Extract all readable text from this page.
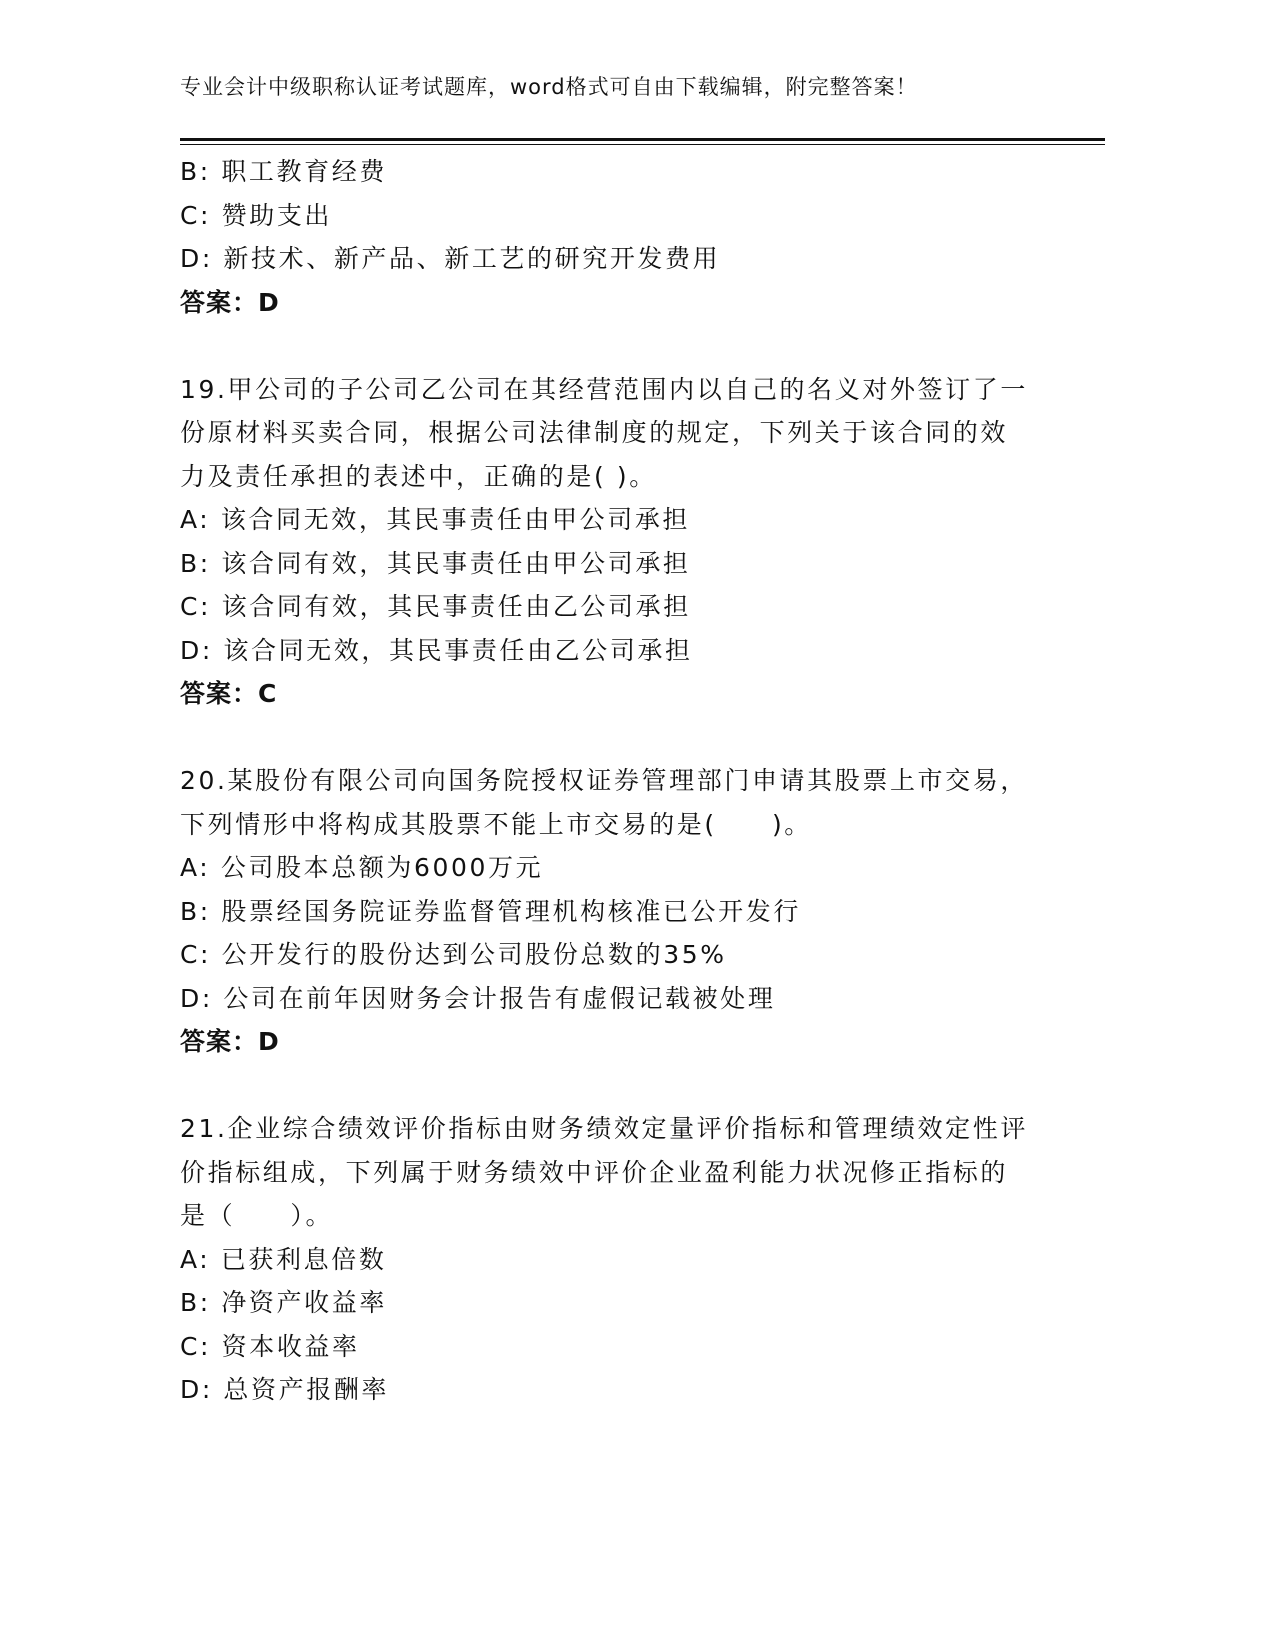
专业会计中级职称认证考试题库，word格式可自由下载编辑，附完整答案！
B: 职工教育经费
C: 赞助支出
D: 新技术、新产品、新工艺的研究开发费用
答案：D
19.甲公司的子公司乙公司在其经营范围内以自己的名义对外签订了一
份原材料买卖合同，根据公司法律制度的规定，下列关于该合同的效
力及责任承担的表述中，正确的是( )。
A: 该合同无效，其民事责任由甲公司承担
B: 该合同有效，其民事责任由甲公司承担
C: 该合同有效，其民事责任由乙公司承担
D: 该合同无效，其民事责任由乙公司承担
答案：C
20.某股份有限公司向国务院授权证券管理部门申请其股票上市交易，
下列情形中将构成其股票不能上市交易的是(　　)。
A: 公司股本总额为6000万元
B: 股票经国务院证券监督管理机构核准已公开发行
C: 公开发行的股份达到公司股份总数的35%
D: 公司在前年因财务会计报告有虚假记载被处理
答案：D
21.企业综合绩效评价指标由财务绩效定量评价指标和管理绩效定性评
价指标组成，下列属于财务绩效中评价企业盈利能力状况修正指标的
是（　　）。
A: 已获利息倍数
B: 净资产收益率
C: 资本收益率
D: 总资产报酬率
